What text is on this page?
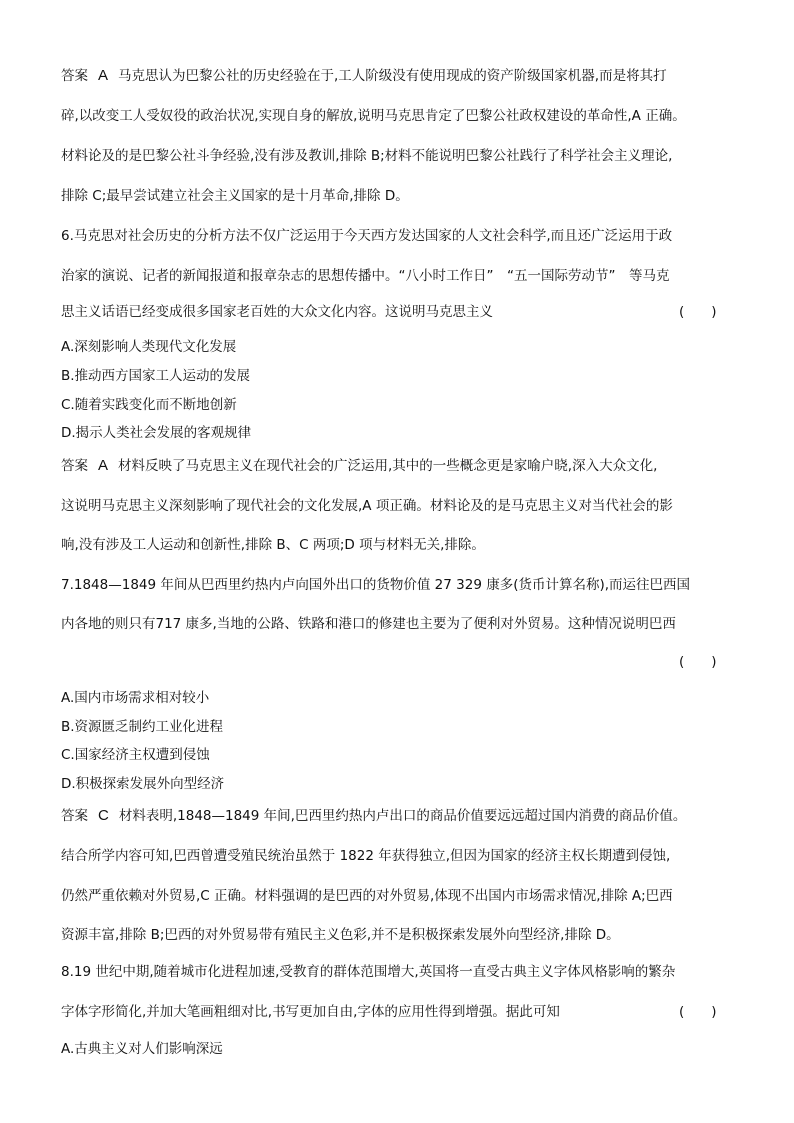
答案 A 马克思认为巴黎公社的历史经验在于,工人阶级没有使用现成的资产阶级国家机器,而是将其打
碎,以改变工人受奴役的政治状况,实现自身的解放,说明马克思肯定了巴黎公社政权建设的革命性,A 正确。
材料论及的是巴黎公社斗争经验,没有涉及教训,排除 B;材料不能说明巴黎公社践行了科学社会主义理论,
排除 C;最早尝试建立社会主义国家的是十月革命,排除 D。
6.马克思对社会历史的分析方法不仅广泛运用于今天西方发达国家的人文社会科学,而且还广泛运用于政
治家的演说、记者的新闻报道和报章杂志的思想传播中。“八小时工作日”　“五一国际劳动节”　等马克
思主义话语已经变成很多国家老百姓的大众文化内容。这说明马克思主义	(　　)
A.深刻影响人类现代文化发展
B.推动西方国家工人运动的发展
C.随着实践变化而不断地创新
D.揭示人类社会发展的客观规律
答案 A 材料反映了马克思主义在现代社会的广泛运用,其中的一些概念更是家喻户晓,深入大众文化,
这说明马克思主义深刻影响了现代社会的文化发展,A 项正确。材料论及的是马克思主义对当代社会的影
响,没有涉及工人运动和创新性,排除 B、C 两项;D 项与材料无关,排除。
7.1848—1849 年间从巴西里约热内卢向国外出口的货物价值 27 329 康多(货币计算名称),而运往巴西国
内各地的则只有717 康多,当地的公路、铁路和港口的修建也主要为了便利对外贸易。这种情况说明巴西
(　　)
A.国内市场需求相对较小
B.资源匮乏制约工业化进程
C.国家经济主权遭到侵蚀
D.积极探索发展外向型经济
答案 C 材料表明,1848—1849 年间,巴西里约热内卢出口的商品价值要远远超过国内消费的商品价值。
结合所学内容可知,巴西曾遭受殖民统治虽然于 1822 年获得独立,但因为国家的经济主权长期遭到侵蚀,
仍然严重依赖对外贸易,C 正确。材料强调的是巴西的对外贸易,体现不出国内市场需求情况,排除 A;巴西
资源丰富,排除 B;巴西的对外贸易带有殖民主义色彩,并不是积极探索发展外向型经济,排除 D。
8.19 世纪中期,随着城市化进程加速,受教育的群体范围增大,英国将一直受古典主义字体风格影响的繁杂
字体字形简化,并加大笔画粗细对比,书写更加自由,字体的应用性得到增强。据此可知	(　　)
A.古典主义对人们影响深远
